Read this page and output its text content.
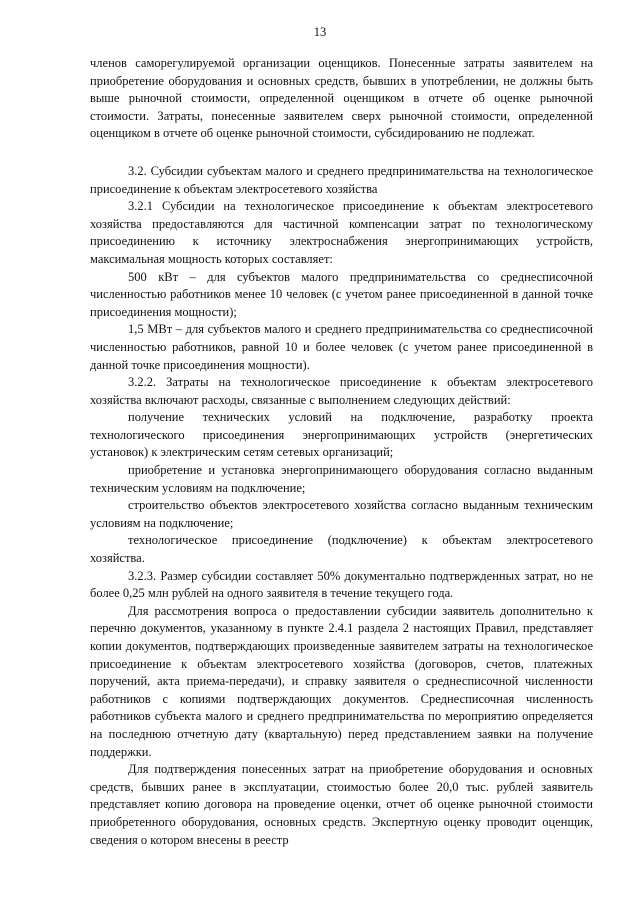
13

членов саморегулируемой организации оценщиков. Понесенные затраты заявителем на приобретение оборудования и основных средств, бывших в употреблении, не должны быть выше рыночной стоимости, определенной оценщиком в отчете об оценке рыночной стоимости. Затраты, понесенные заявителем сверх рыночной стоимости, определенной оценщиком в отчете об оценке рыночной стоимости, субсидированию не подлежат.

3.2. Субсидии субъектам малого и среднего предпринимательства на технологическое присоединение к объектам электросетевого хозяйства

3.2.1 Субсидии на технологическое присоединение к объектам электросетевого хозяйства предоставляются для частичной компенсации затрат по технологическому присоединению к источнику электроснабжения энергопринимающих устройств, максимальная мощность которых составляет:

500 кВт – для субъектов малого предпринимательства со среднесписочной численностью работников менее 10 человек (с учетом ранее присоединенной в данной точке присоединения мощности);

1,5 МВт – для субъектов малого и среднего предпринимательства со среднесписочной численностью работников, равной 10 и более человек (с учетом ранее присоединенной в данной точке присоединения мощности).

3.2.2. Затраты на технологическое присоединение к объектам электросетевого хозяйства включают расходы, связанные с выполнением следующих действий:

получение технических условий на подключение, разработку проекта технологического присоединения энергопринимающих устройств (энергетических установок) к электрическим сетям сетевых организаций;

приобретение и установка энергопринимающего оборудования согласно выданным техническим условиям на подключение;

строительство объектов электросетевого хозяйства согласно выданным техническим условиям на подключение;

технологическое присоединение (подключение) к объектам электросетевого хозяйства.

3.2.3. Размер субсидии составляет 50% документально подтвержденных затрат, но не более 0,25 млн рублей на одного заявителя в течение текущего года.

Для рассмотрения вопроса о предоставлении субсидии заявитель дополнительно к перечню документов, указанному в пункте 2.4.1 раздела 2 настоящих Правил, представляет копии документов, подтверждающих произведенные заявителем затраты на технологическое присоединение к объектам электросетевого хозяйства (договоров, счетов, платежных поручений, акта приема-передачи), и справку заявителя о среднесписочной численности работников с копиями подтверждающих документов. Среднесписочная численность работников субъекта малого и среднего предпринимательства по мероприятию определяется на последнюю отчетную дату (квартальную) перед представлением заявки на получение поддержки.

Для подтверждения понесенных затрат на приобретение оборудования и основных средств, бывших ранее в эксплуатации, стоимостью более 20,0 тыс. рублей заявитель представляет копию договора на проведение оценки, отчет об оценке рыночной стоимости приобретенного оборудования, основных средств. Экспертную оценку проводит оценщик, сведения о котором внесены в реестр
